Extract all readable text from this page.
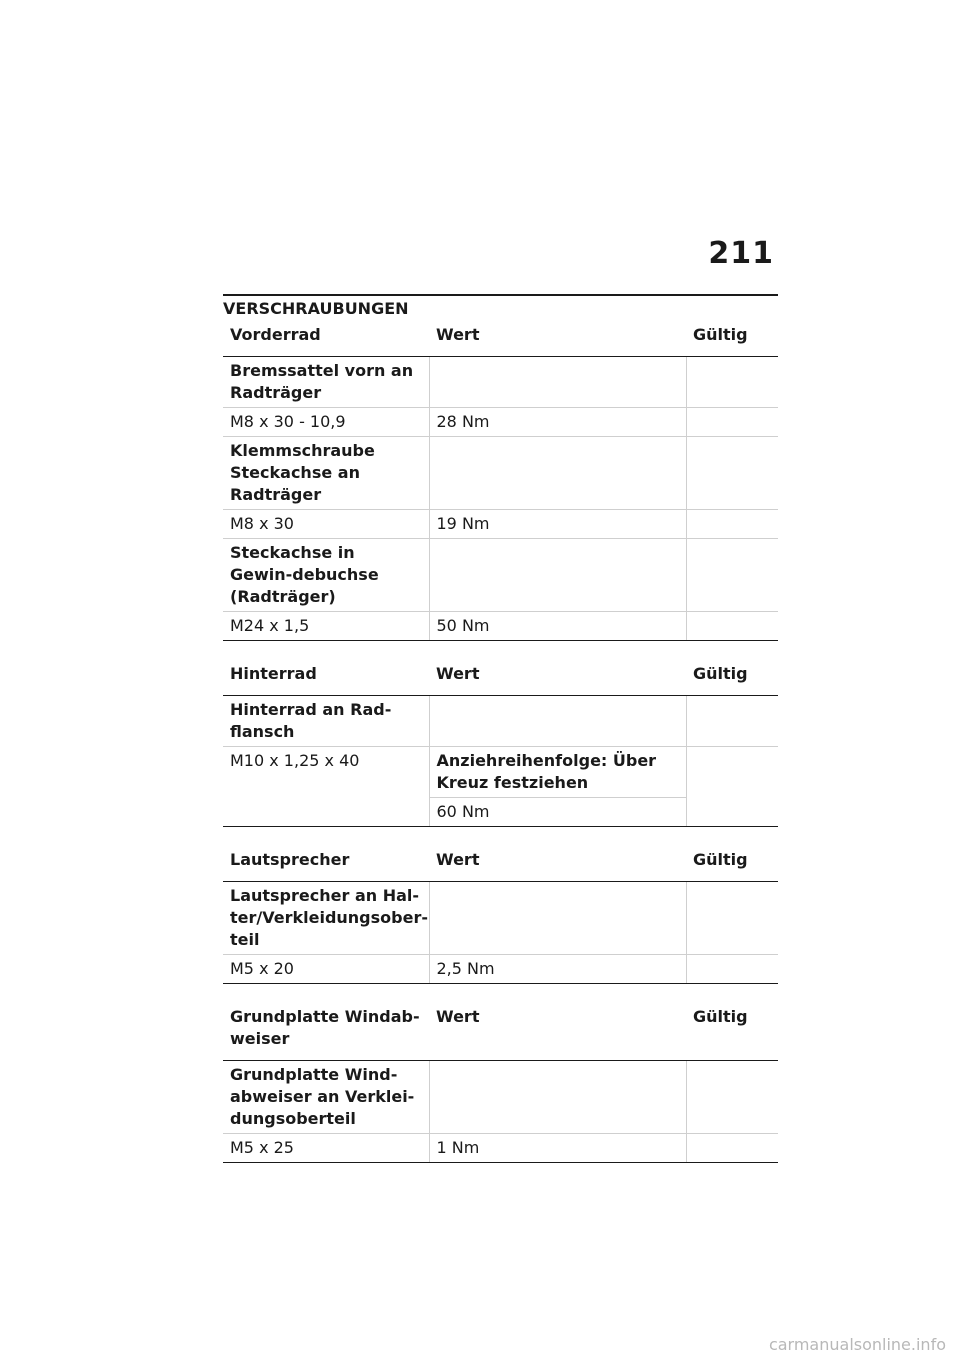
211
VERSCHRAUBUNGEN
Vorderrad	Wert	Gültig
Bremssattel vorn an Radträger		
M8 x 30 - 10,9	28 Nm	
Klemmschraube Steckachse an Radträger		
M8 x 30	19 Nm	
Steckachse in Gewin-debuchse (Radträger)		
M24 x 1,5	50 Nm	
Hinterrad	Wert	Gültig
Hinterrad an Rad-flansch		
M10 x 1,25 x 40	Anziehreihenfolge: Über Kreuz festziehen	
	60 Nm	
Lautsprecher	Wert	Gültig
Lautsprecher an Hal-ter/Verkleidungsober-teil		
M5 x 20	2,5 Nm	
Grundplatte Windab-weiser	Wert	Gültig
Grundplatte Wind-abweiser an Verklei-dungsoberteil		
M5 x 25	1 Nm	
carmanualsonline.info
